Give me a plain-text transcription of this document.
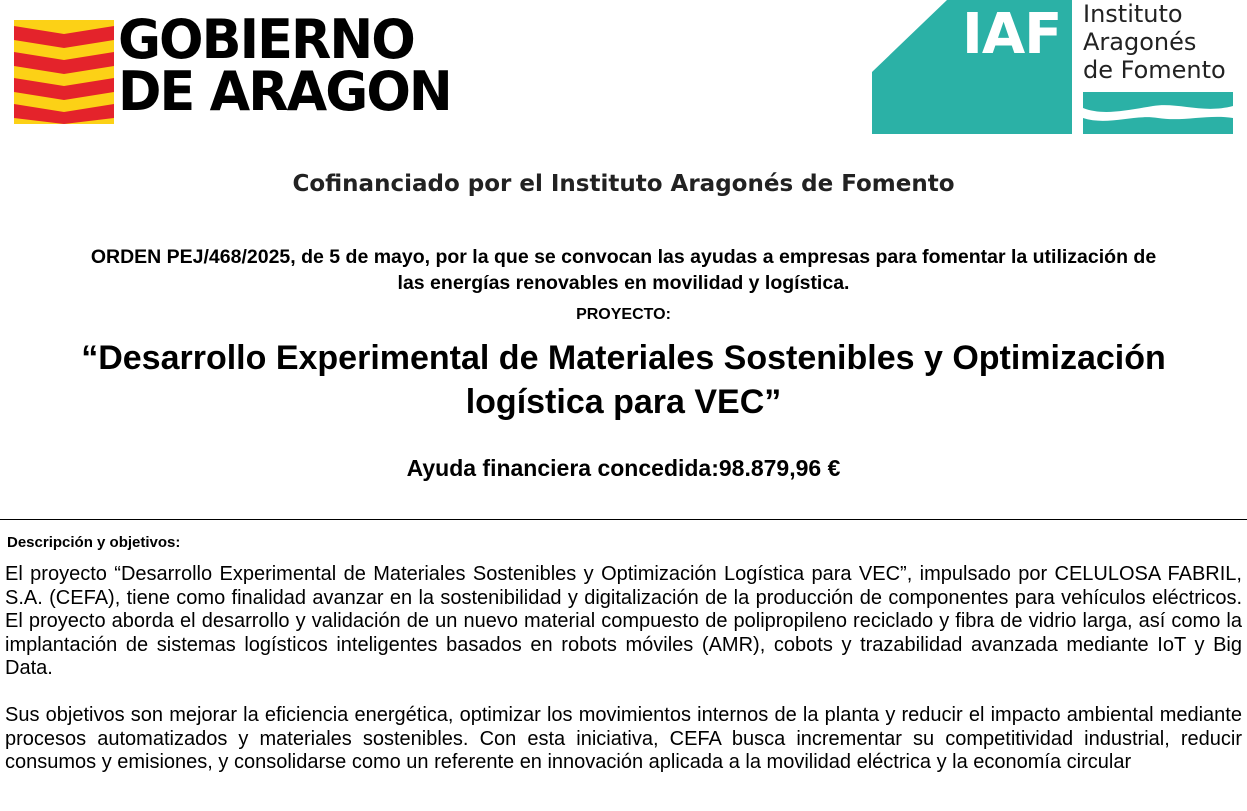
GOBIERNO
DE ARAGON
IAF Instituto
Aragonés
de Fomento
Cofinanciado por el Instituto Aragonés de Fomento
ORDEN PEJ/468/2025, de 5 de mayo, por la que se convocan las ayudas a empresas para fomentar la utilización de
las energías renovables en movilidad y logística.
PROYECTO:
“Desarrollo Experimental de Materiales Sostenibles y Optimización
logística para VEC”
Ayuda financiera concedida:98.879,96 €
Descripción y objetivos:
El proyecto “Desarrollo Experimental de Materiales Sostenibles y Optimización Logística para VEC”, impulsado por CELULOSA FABRIL, S.A. (CEFA), tiene como finalidad avanzar en la sostenibilidad y digitalización de la producción de componentes para vehículos eléctricos. El proyecto aborda el desarrollo y validación de un nuevo material compuesto de polipropileno reciclado y fibra de vidrio larga, así como la implantación de sistemas logísticos inteligentes basados en robots móviles (AMR), cobots y trazabilidad avanzada mediante IoT y Big Data.
Sus objetivos son mejorar la eficiencia energética, optimizar los movimientos internos de la planta y reducir el impacto ambiental mediante procesos automatizados y materiales sostenibles. Con esta iniciativa, CEFA busca incrementar su competitividad industrial, reducir consumos y emisiones, y consolidarse como un referente en innovación aplicada a la movilidad eléctrica y la economía circular
